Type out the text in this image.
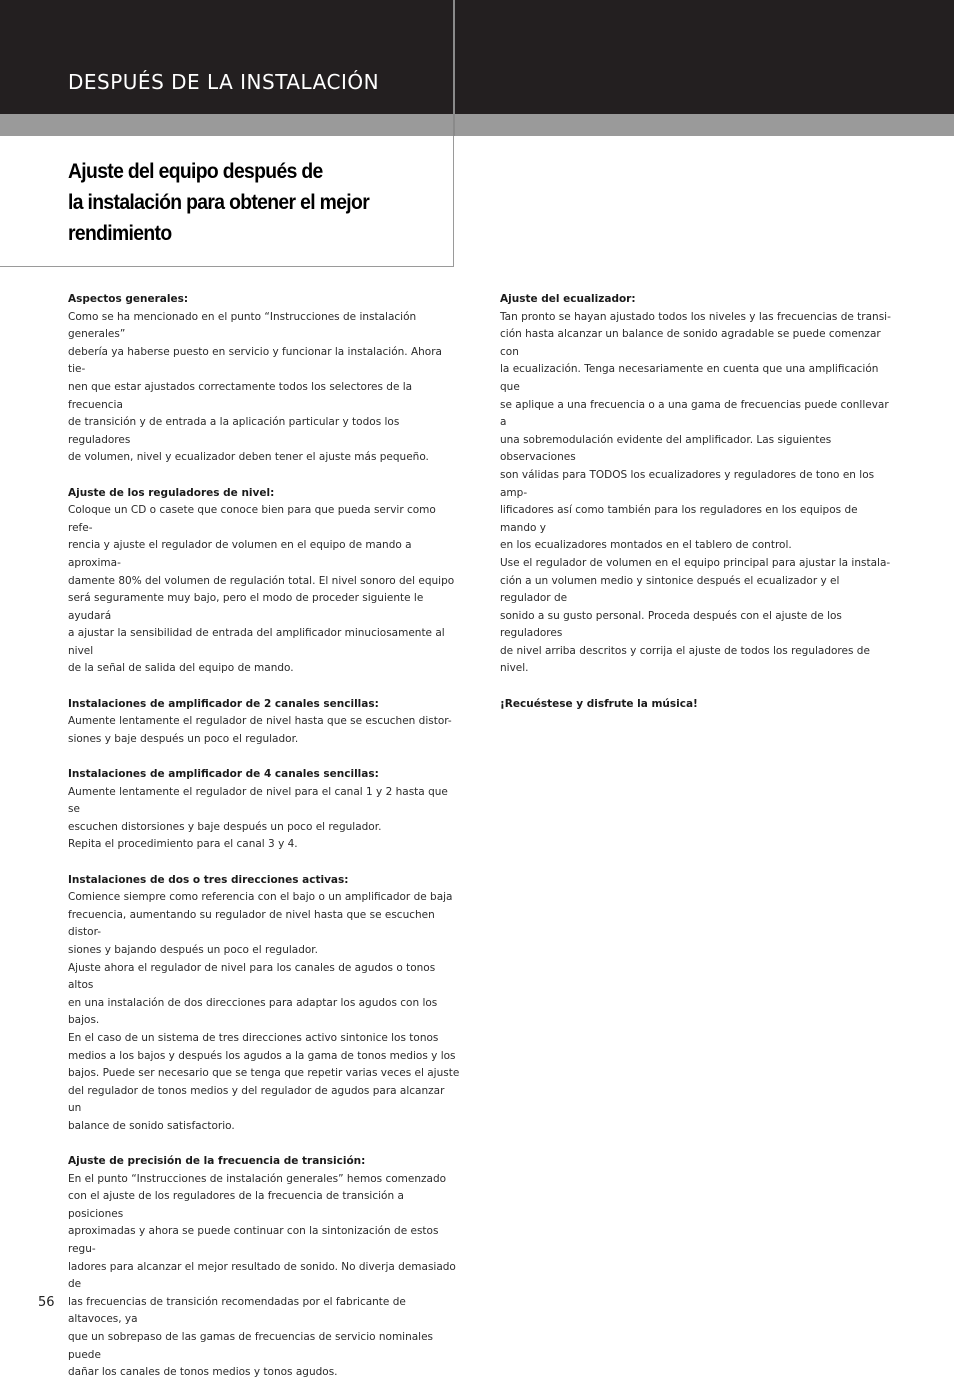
DESPUÉS DE LA INSTALACIÓN
Ajuste del equipo después de
la instalación para obtener el mejor
rendimiento
Aspectos generales:

Como se ha mencionado en el punto “Instrucciones de instalación generales”
debería ya haberse puesto en servicio y funcionar la instalación. Ahora tie-
nen que estar ajustados correctamente todos los selectores de la frecuencia
de transición y de entrada a la aplicación particular y todos los reguladores
de volumen, nivel y ecualizador deben tener el ajuste más pequeño.

Ajuste de los reguladores de nivel:

Coloque un CD o casete que conoce bien para que pueda servir como refe-
rencia y ajuste el regulador de volumen en el equipo de mando a aproxima-
damente 80% del volumen de regulación total. El nivel sonoro del equipo
será seguramente muy bajo, pero el modo de proceder siguiente le ayudará
a ajustar la sensibilidad de entrada del amplificador minuciosamente al nivel
de la señal de salida del equipo de mando.

Instalaciones de amplificador de 2 canales sencillas:

Aumente lentamente el regulador de nivel hasta que se escuchen distor-
siones y baje después un poco el regulador.

Instalaciones de amplificador de 4 canales sencillas:

Aumente lentamente el regulador de nivel para el canal 1 y 2 hasta que se
escuchen distorsiones y baje después un poco el regulador.
Repita el procedimiento para el canal 3 y 4.

Instalaciones de dos o tres direcciones activas:

Comience siempre como referencia con el bajo o un amplificador de baja
frecuencia, aumentando su regulador de nivel hasta que se escuchen distor-
siones y bajando después un poco el regulador.
Ajuste ahora el regulador de nivel para los canales de agudos o tonos altos
en una instalación de dos direcciones para adaptar los agudos con los bajos.
En el caso de un sistema de tres direcciones activo sintonice los tonos
medios a los bajos y después los agudos a la gama de tonos medios y los
bajos. Puede ser necesario que se tenga que repetir varias veces el ajuste
del regulador de tonos medios y del regulador de agudos para alcanzar un
balance de sonido satisfactorio.

Ajuste de precisión de la frecuencia de transición:

En el punto “Instrucciones de instalación generales” hemos comenzado
con el ajuste de los reguladores de la frecuencia de transición a posiciones
aproximadas y ahora se puede continuar con la sintonización de estos regu-
ladores para alcanzar el mejor resultado de sonido. No diverja demasiado de
las frecuencias de transición recomendadas por el fabricante de altavoces, ya
que un sobrepaso de las gamas de frecuencias de servicio nominales puede
dañar los canales de tonos medios y tonos agudos.

Ajuste del ecualizador:

Tan pronto se hayan ajustado todos los niveles y las frecuencias de transi-
ción hasta alcanzar un balance de sonido agradable se puede comenzar con
la ecualización. Tenga necesariamente en cuenta que una amplificación que
se aplique a una frecuencia o a una gama de frecuencias puede conllevar a
una sobremodulación evidente del amplificador. Las siguientes observaciones
son válidas para TODOS los ecualizadores y reguladores de tono en los amp-
lificadores así como también para los reguladores en los equipos de mando y
en los ecualizadores montados en el tablero de control.
Use el regulador de volumen en el equipo principal para ajustar la instala-
ción a un volumen medio y sintonice después el ecualizador y el regulador de
sonido a su gusto personal. Proceda después con el ajuste de los reguladores
de nivel arriba descritos y corrija el ajuste de todos los reguladores de nivel.

¡Recuéstese y disfrute la música!

56
